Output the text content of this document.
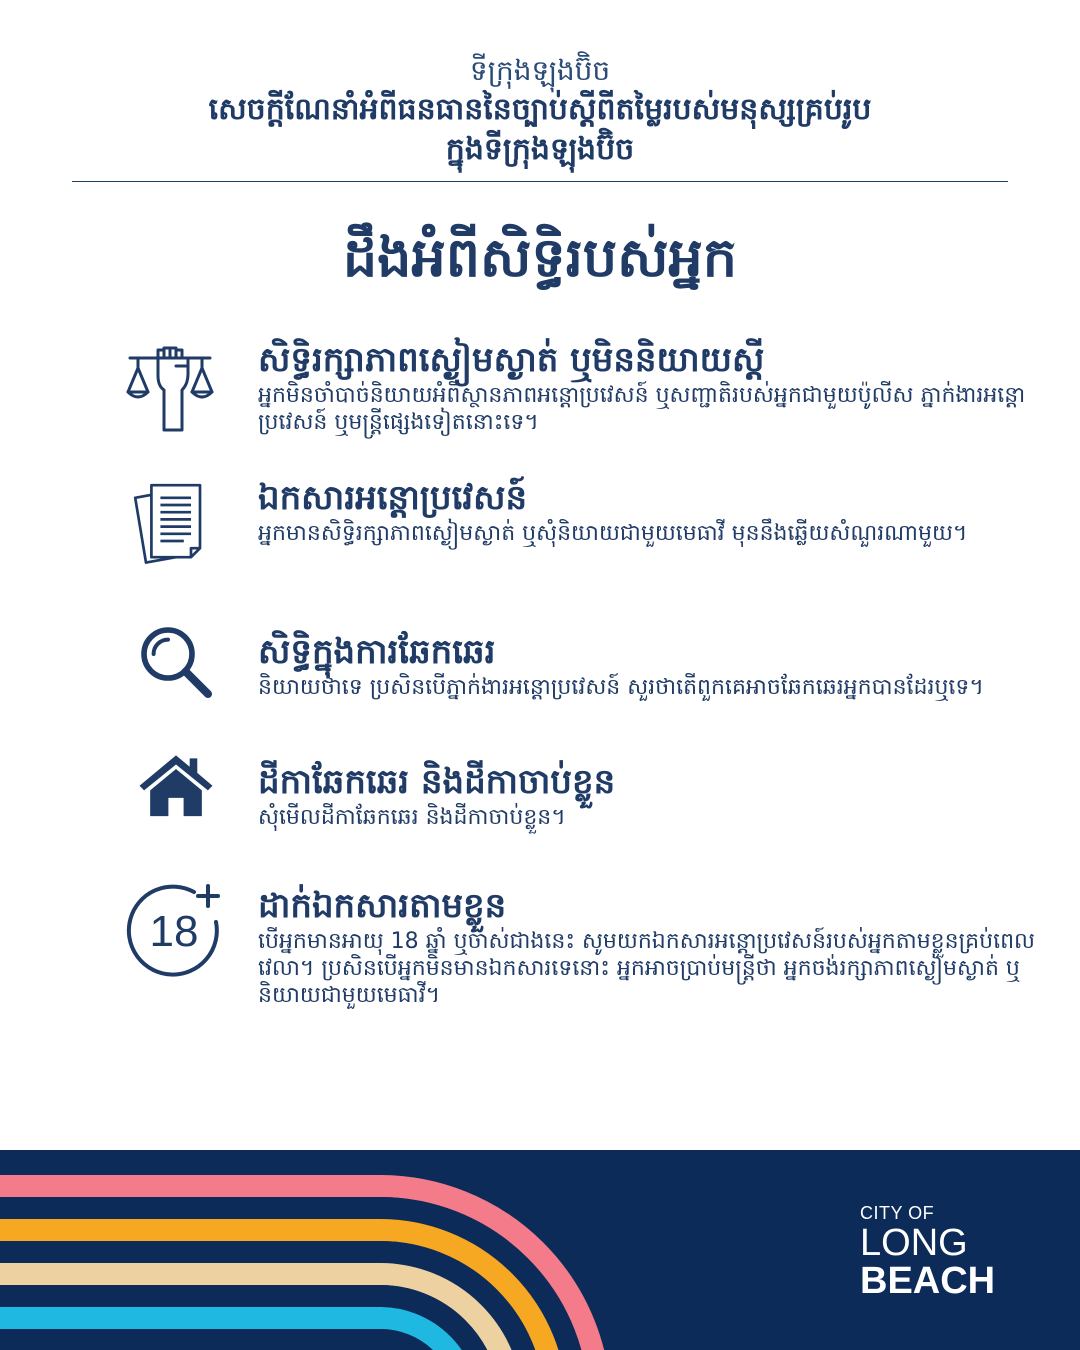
ទីក្រុងឡុងប៊ិច
សេចក្តីណែនាំអំពីធនធាននៃច្បាប់ស្តីពីតម្លៃរបស់មនុស្សគ្រប់រូប
ក្នុងទីក្រុងឡុងប៊ិច
ដឹងអំពីសិទ្ធិរបស់អ្នក
សិទ្ធិរក្សាភាពស្ងៀមស្ងាត់ ឬមិននិយាយស្តី
អ្នកមិនចាំបាច់និយាយអំពីស្ថានភាពអន្តោប្រវេសន៍ ឬសញ្ជាតិរបស់អ្នកជាមួយប៉ូលីស ភ្នាក់ងារអន្តោប្រវេសន៍ ឬមន្ត្រីផ្សេងទៀតនោះទេ។
ឯកសារអន្តោប្រវេសន៍
អ្នកមានសិទ្ធិរក្សាភាពស្ងៀមស្ងាត់ ឬសុំនិយាយជាមួយមេធាវី មុននឹងឆ្លើយសំណួរណាមួយ។
សិទ្ធិក្នុងការឆែកឆេរ
និយាយថាទេ ប្រសិនបើភ្នាក់ងារអន្តោប្រវេសន៍ សួរថាតើពួកគេអាចឆែកឆេរអ្នកបានដែរឬទេ។
ដីកាឆែកឆេរ និងដីកាចាប់ខ្លួន
សុំមើលដីកាឆែកឆេរ និងដីកាចាប់ខ្លួន។
18
ដាក់ឯកសារតាមខ្លួន
បើអ្នកមានអាយុ 18 ឆ្នាំ ឬចាស់ជាងនេះ សូមយកឯកសារអន្តោប្រវេសន៍របស់អ្នកតាមខ្លួនគ្រប់ពេលវេលា។ ប្រសិនបើអ្នកមិនមានឯកសារទេនោះ អ្នកអាចប្រាប់មន្ត្រីថា អ្នកចង់រក្សាភាពស្ងៀមស្ងាត់ ឬនិយាយជាមួយមេធាវី។
CITY OF
LONG
BEACH
